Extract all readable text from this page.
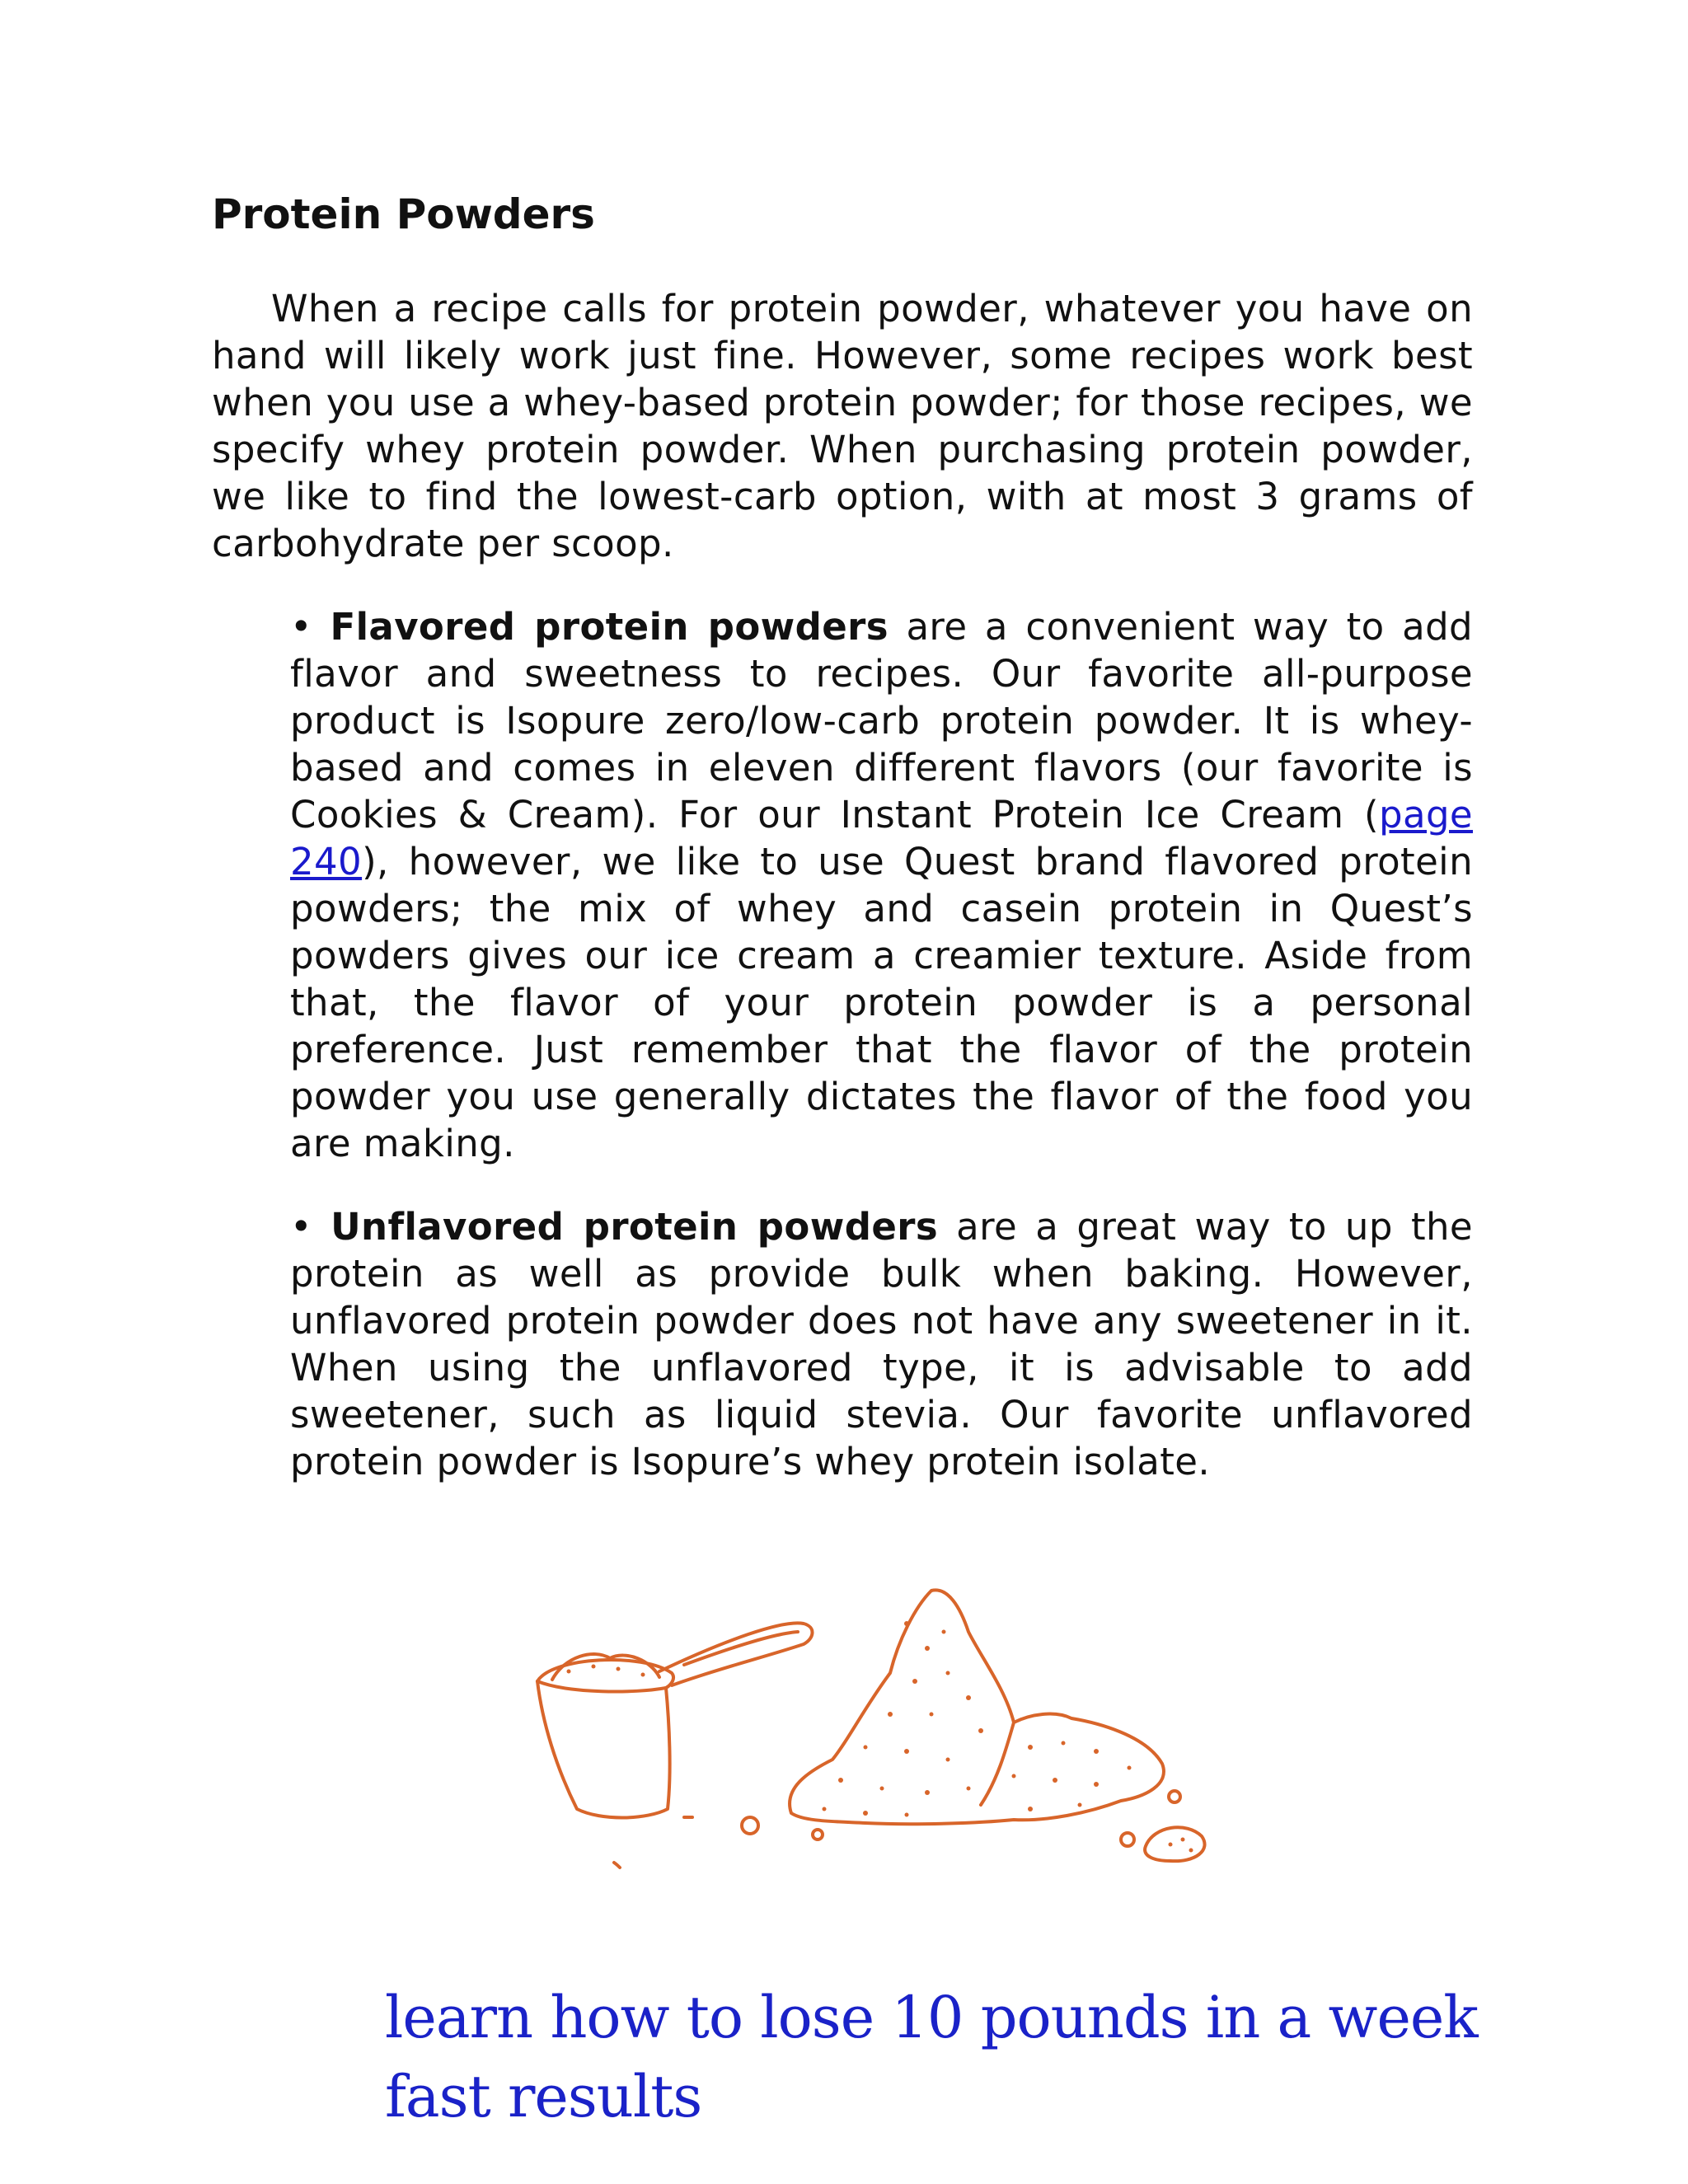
Protein Powders

When a recipe calls for protein powder, whatever you have on hand will likely work just fine. However, some recipes work best when you use a whey-based protein powder; for those recipes, we specify whey protein powder. When purchasing protein powder, we like to find the lowest-carb option, with at most 3 grams of carbohydrate per scoop.

• Flavored protein powders are a convenient way to add flavor and sweetness to recipes. Our favorite all-purpose product is Isopure zero/low-carb protein powder. It is whey-based and comes in eleven different flavors (our favorite is Cookies & Cream). For our Instant Protein Ice Cream (page 240), however, we like to use Quest brand flavored protein powders; the mix of whey and casein protein in Quest’s powders gives our ice cream a creamier texture. Aside from that, the flavor of your protein powder is a personal preference. Just remember that the flavor of the protein powder you use generally dictates the flavor of the food you are making.
• Unflavored protein powders are a great way to up the protein as well as provide bulk when baking. However, unflavored protein powder does not have any sweetener in it. When using the unflavored type, it is advisable to add sweetener, such as liquid stevia. Our favorite unflavored protein powder is Isopure’s whey protein isolate.
learn how to lose 10 pounds in a week fast results
